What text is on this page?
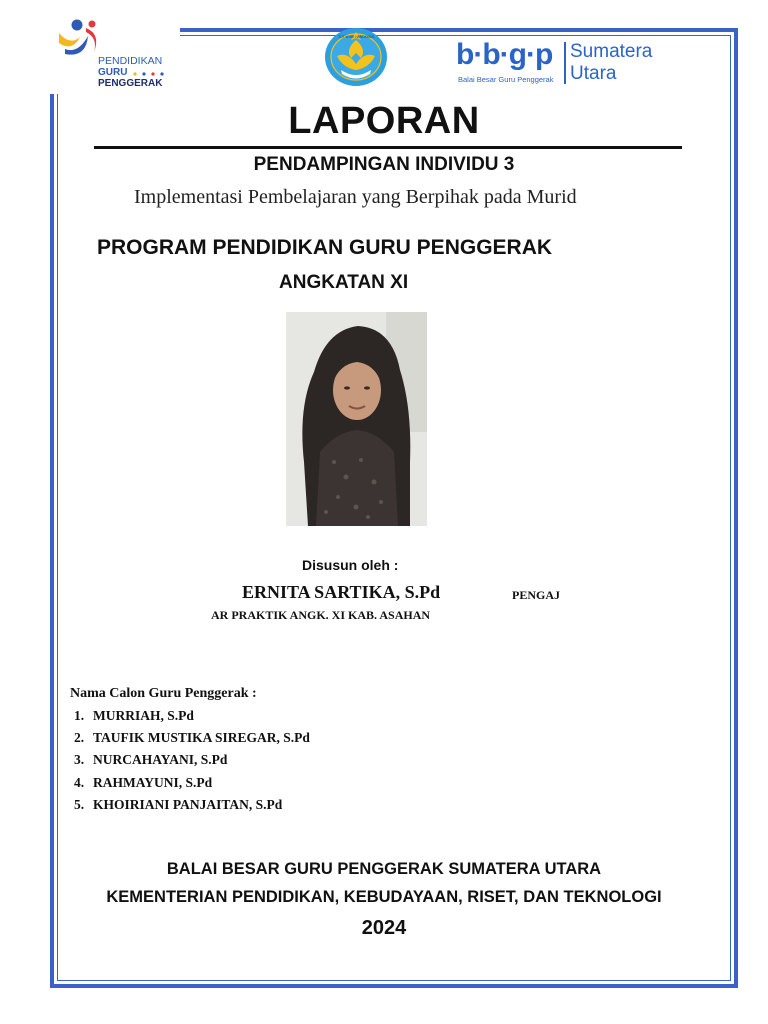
PENDIDIKAN
GURU
PENGGERAK
TUT WURI HANDAYANI
b·b·g·p
Balai Besar Guru Penggerak
Sumatera
Utara
LAPORAN
PENDAMPINGAN INDIVIDU 3
Implementasi Pembelajaran yang Berpihak pada Murid
PROGRAM PENDIDIKAN GURU PENGGERAK
ANGKATAN XI
Disusun oleh :
ERNITA SARTIKA, S.Pd	PENGAJ
AR PRAKTIK ANGK. XI KAB. ASAHAN
Nama Calon Guru Penggerak :
1. MURRIAH, S.Pd
2. TAUFIK MUSTIKA SIREGAR, S.Pd
3. NURCAHAYANI, S.Pd
4. RAHMAYUNI, S.Pd
5. KHOIRIANI PANJAITAN, S.Pd
BALAI BESAR GURU PENGGERAK SUMATERA UTARA
KEMENTERIAN PENDIDIKAN, KEBUDAYAAN, RISET, DAN TEKNOLOGI
2024
